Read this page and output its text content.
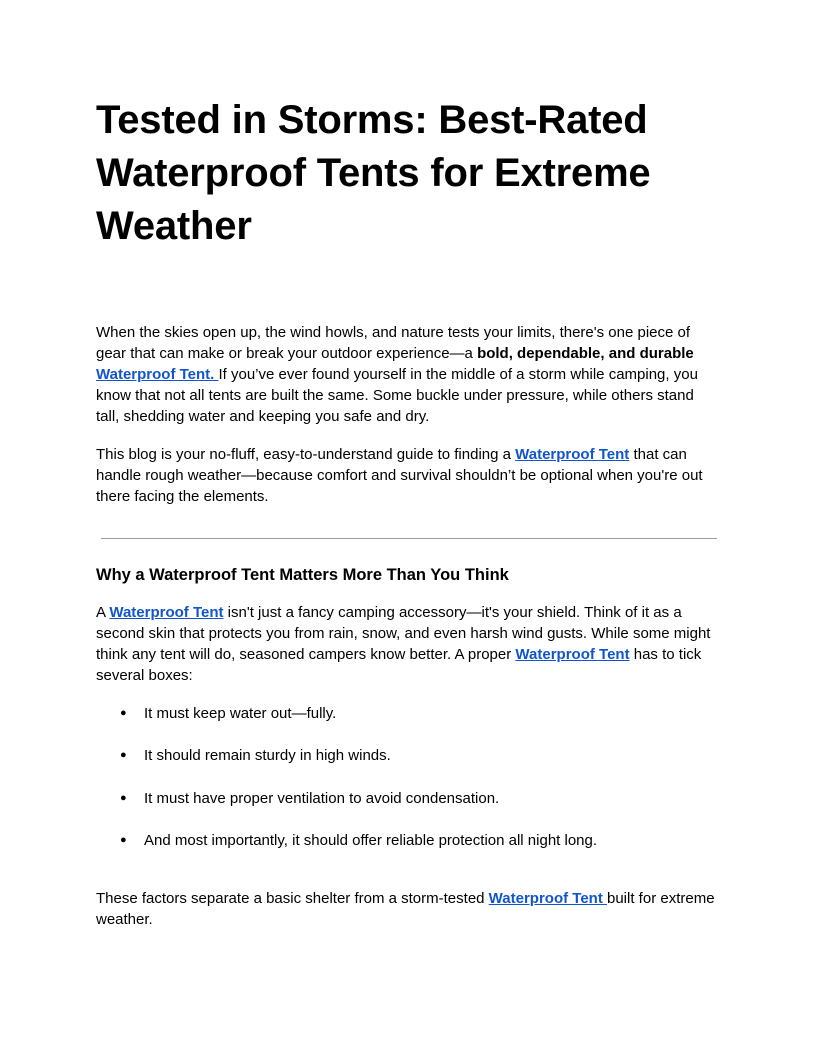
Tested in Storms: Best-Rated Waterproof Tents for Extreme Weather

When the skies open up, the wind howls, and nature tests your limits, there's one piece of gear that can make or break your outdoor experience—a bold, dependable, and durable Waterproof Tent. If you’ve ever found yourself in the middle of a storm while camping, you know that not all tents are built the same. Some buckle under pressure, while others stand tall, shedding water and keeping you safe and dry.

This blog is your no-fluff, easy-to-understand guide to finding a Waterproof Tent that can handle rough weather—because comfort and survival shouldn’t be optional when you're out there facing the elements.

Why a Waterproof Tent Matters More Than You Think

A Waterproof Tent isn't just a fancy camping accessory—it's your shield. Think of it as a second skin that protects you from rain, snow, and even harsh wind gusts. While some might think any tent will do, seasoned campers know better. A proper Waterproof Tent has to tick several boxes:

● It must keep water out—fully.
● It should remain sturdy in high winds.
● It must have proper ventilation to avoid condensation.
● And most importantly, it should offer reliable protection all night long.

These factors separate a basic shelter from a storm-tested Waterproof Tent built for extreme weather.
